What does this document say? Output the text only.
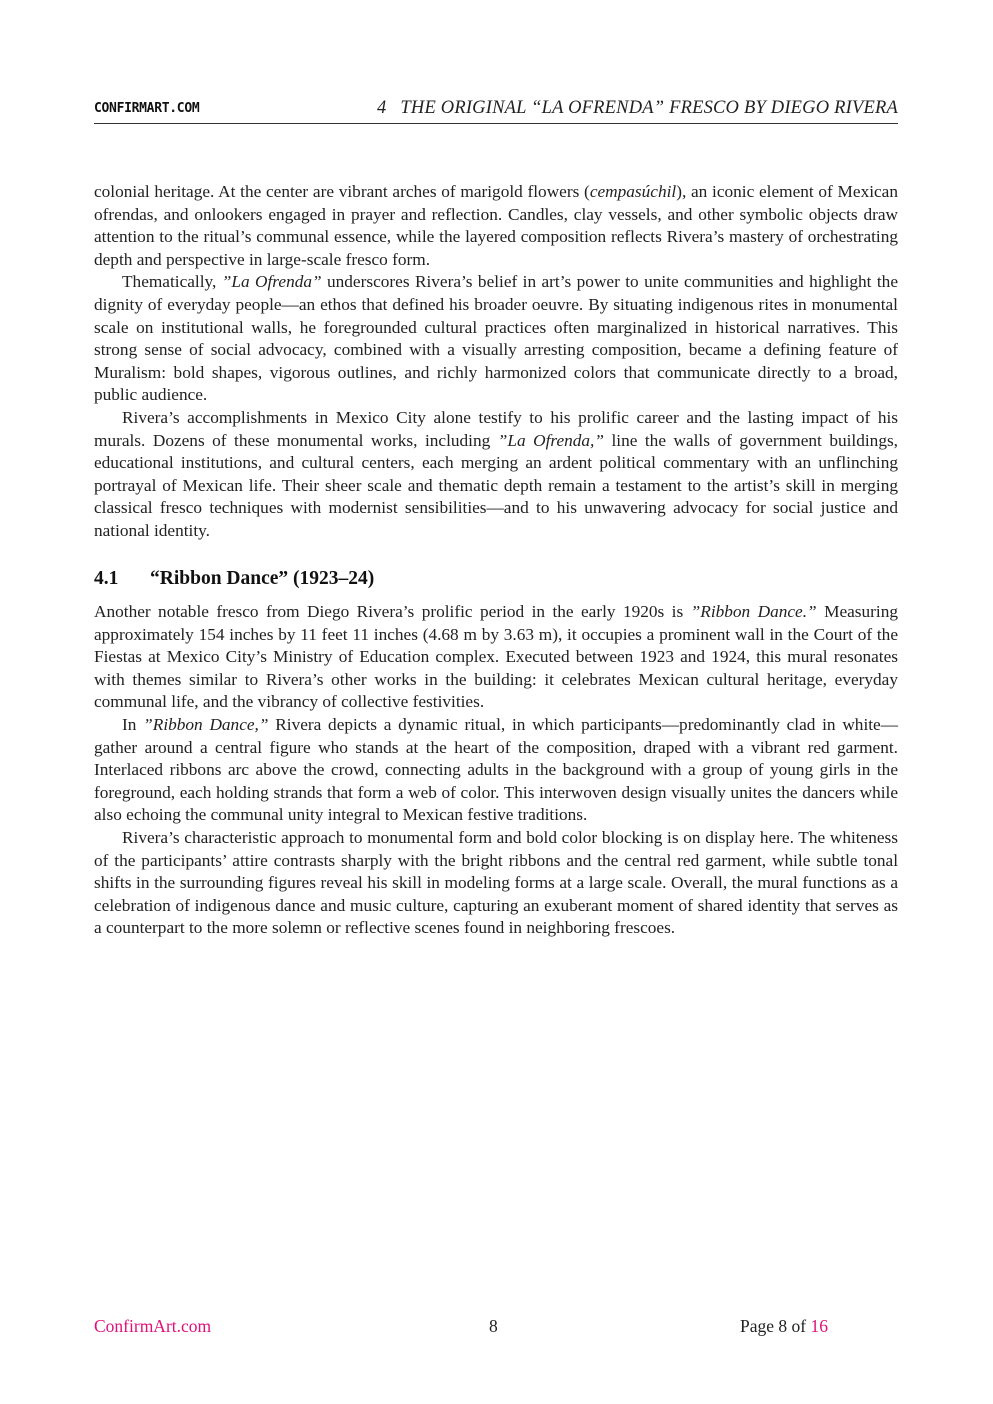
CONFIRMART.COM	4 THE ORIGINAL “LA OFRENDA” FRESCO BY DIEGO RIVERA

colonial heritage. At the center are vibrant arches of marigold flowers (cempasúchil), an iconic element of Mexican ofrendas, and onlookers engaged in prayer and reflection. Candles, clay vessels, and other symbolic objects draw attention to the ritual’s communal essence, while the layered composition reflects Rivera’s mastery of orchestrating depth and perspective in large-scale fresco form.

Thematically, ”La Ofrenda” underscores Rivera’s belief in art’s power to unite communities and highlight the dignity of everyday people—an ethos that defined his broader oeuvre. By situating indigenous rites in monumental scale on institutional walls, he foregrounded cultural practices often marginalized in historical narratives. This strong sense of social advocacy, combined with a visually arresting composition, became a defining feature of Muralism: bold shapes, vigorous outlines, and richly harmonized colors that communicate directly to a broad, public audience.

Rivera’s accomplishments in Mexico City alone testify to his prolific career and the lasting impact of his murals. Dozens of these monumental works, including ”La Ofrenda,” line the walls of government buildings, educational institutions, and cultural centers, each merging an ardent political commentary with an unflinching portrayal of Mexican life. Their sheer scale and thematic depth remain a testament to the artist’s skill in merging classical fresco techniques with modernist sensibilities—and to his unwavering advocacy for social justice and national identity.

4.1 “Ribbon Dance” (1923–24)

Another notable fresco from Diego Rivera’s prolific period in the early 1920s is ”Ribbon Dance.” Measuring approximately 154 inches by 11 feet 11 inches (4.68 m by 3.63 m), it occupies a prominent wall in the Court of the Fiestas at Mexico City’s Ministry of Education complex. Executed between 1923 and 1924, this mural resonates with themes similar to Rivera’s other works in the building: it celebrates Mexican cultural heritage, everyday communal life, and the vibrancy of collective festivities.

In ”Ribbon Dance,” Rivera depicts a dynamic ritual, in which participants—predominantly clad in white—gather around a central figure who stands at the heart of the composition, draped with a vibrant red garment. Interlaced ribbons arc above the crowd, connecting adults in the background with a group of young girls in the foreground, each holding strands that form a web of color. This interwoven design visually unites the dancers while also echoing the communal unity integral to Mexican festive traditions.

Rivera’s characteristic approach to monumental form and bold color blocking is on display here. The whiteness of the participants’ attire contrasts sharply with the bright ribbons and the central red garment, while subtle tonal shifts in the surrounding figures reveal his skill in modeling forms at a large scale. Overall, the mural functions as a celebration of indigenous dance and music culture, capturing an exuberant moment of shared identity that serves as a counterpart to the more solemn or reflective scenes found in neighboring frescoes.

ConfirmArt.com	8	Page 8 of 16
